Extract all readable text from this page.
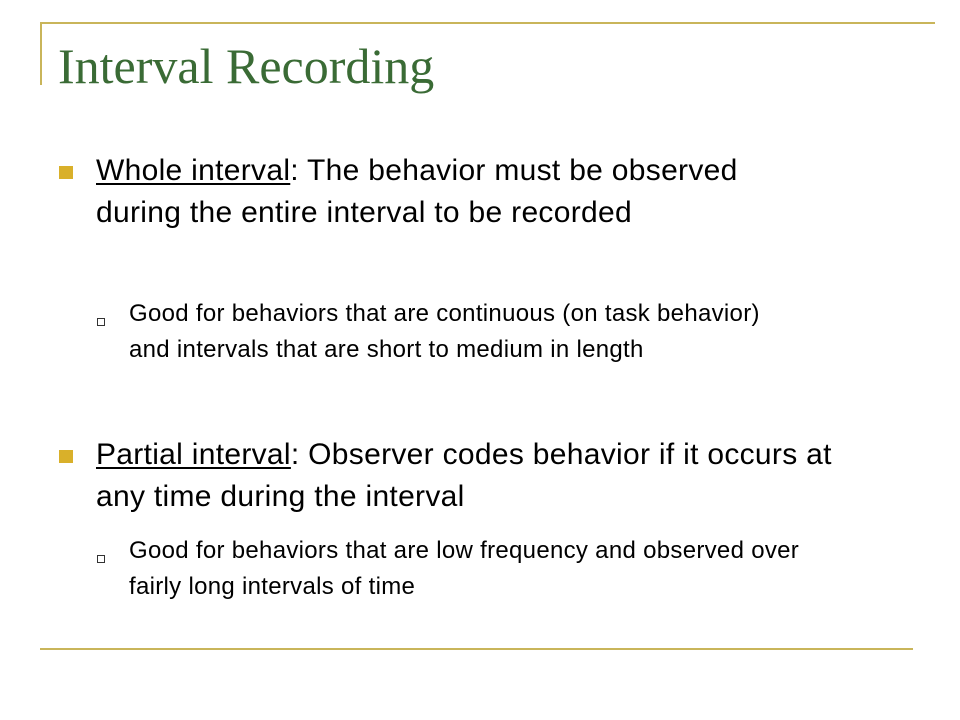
Interval Recording
Whole interval: The behavior must be observed during the entire interval to be recorded
Good for behaviors that are continuous (on task behavior) and intervals that are short to medium in length
Partial interval: Observer codes behavior if it occurs at any time during the interval
Good for behaviors that are low frequency and observed over fairly long intervals of time
